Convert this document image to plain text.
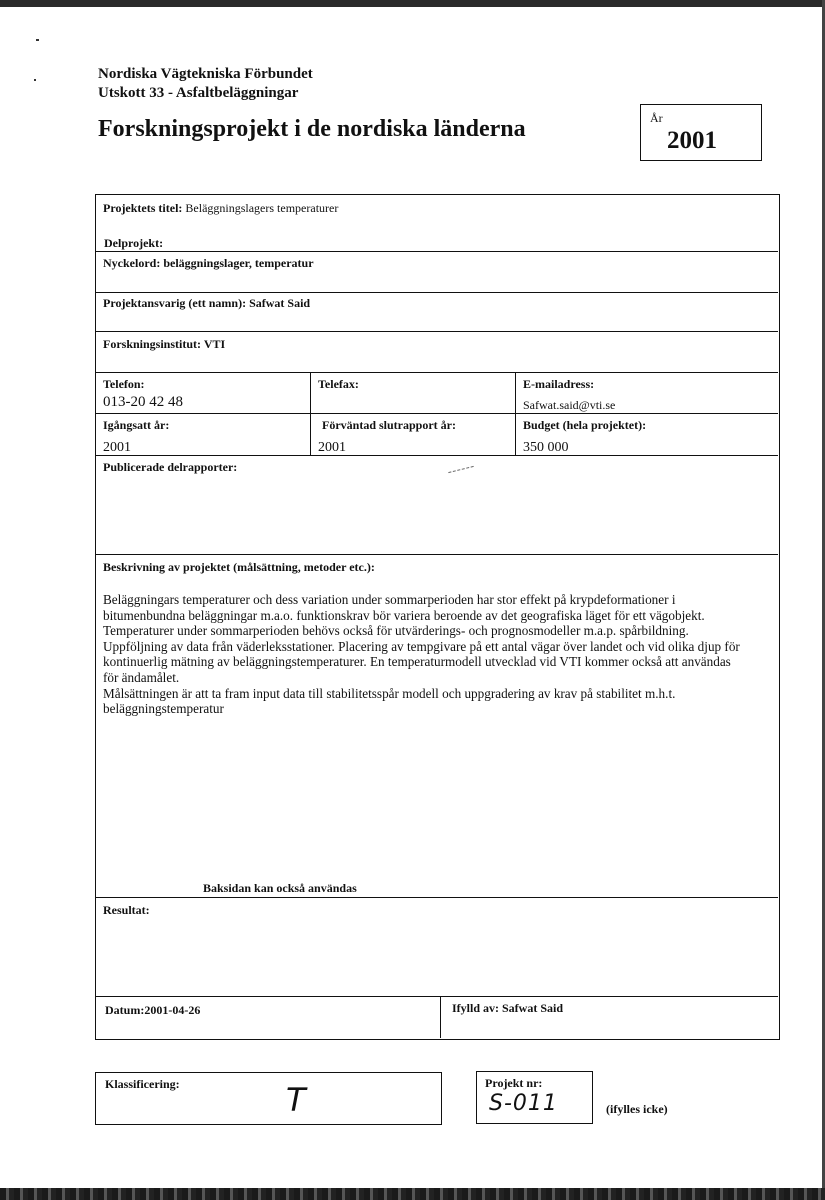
Nordiska Vägtekniska Förbundet
Utskott 33 - Asfaltbeläggningar
Forskningsprojekt i de nordiska länderna	År
2001
Projektets titel: Beläggningslagers temperaturer
Delprojekt:
Nyckelord: beläggningslager, temperatur
Projektansvarig (ett namn): Safwat Said
Forskningsinstitut: VTI
Telefon:
013-20 42 48
Telefax:	E-mailadress:
Safwat.said@vti.se
Igångsatt år:
2001
Förväntad slutrapport år:
2001
Budget (hela projektet):
350 000
Publicerade delrapporter:
Beskrivning av projektet (målsättning, metoder etc.):

Beläggningars temperaturer och dess variation under sommarperioden har stor effekt på krypdeformationer i

bitumenbundna beläggningar m.a.o. funktionskrav bör variera beroende av det geografiska läget för ett vägobjekt.

Temperaturer under sommarperioden behövs också för utvärderings- och prognosmodeller m.a.p. spårbildning.

Uppföljning av data från väderleksstationer. Placering av tempgivare på ett antal vägar över landet och vid olika djup för

kontinuerlig mätning av beläggningstemperaturer. En temperaturmodell utvecklad vid VTI kommer också att användas

för ändamålet.

Målsättningen är att ta fram input data till stabilitetsspår modell och uppgradering av krav på stabilitet m.h.t.

beläggningstemperatur

Baksidan kan också användas
Resultat:
Datum:2001-04-26	Ifylld av: Safwat Said
Klassificering:	T	Projekt nr:
S-011	(ifylles icke)
